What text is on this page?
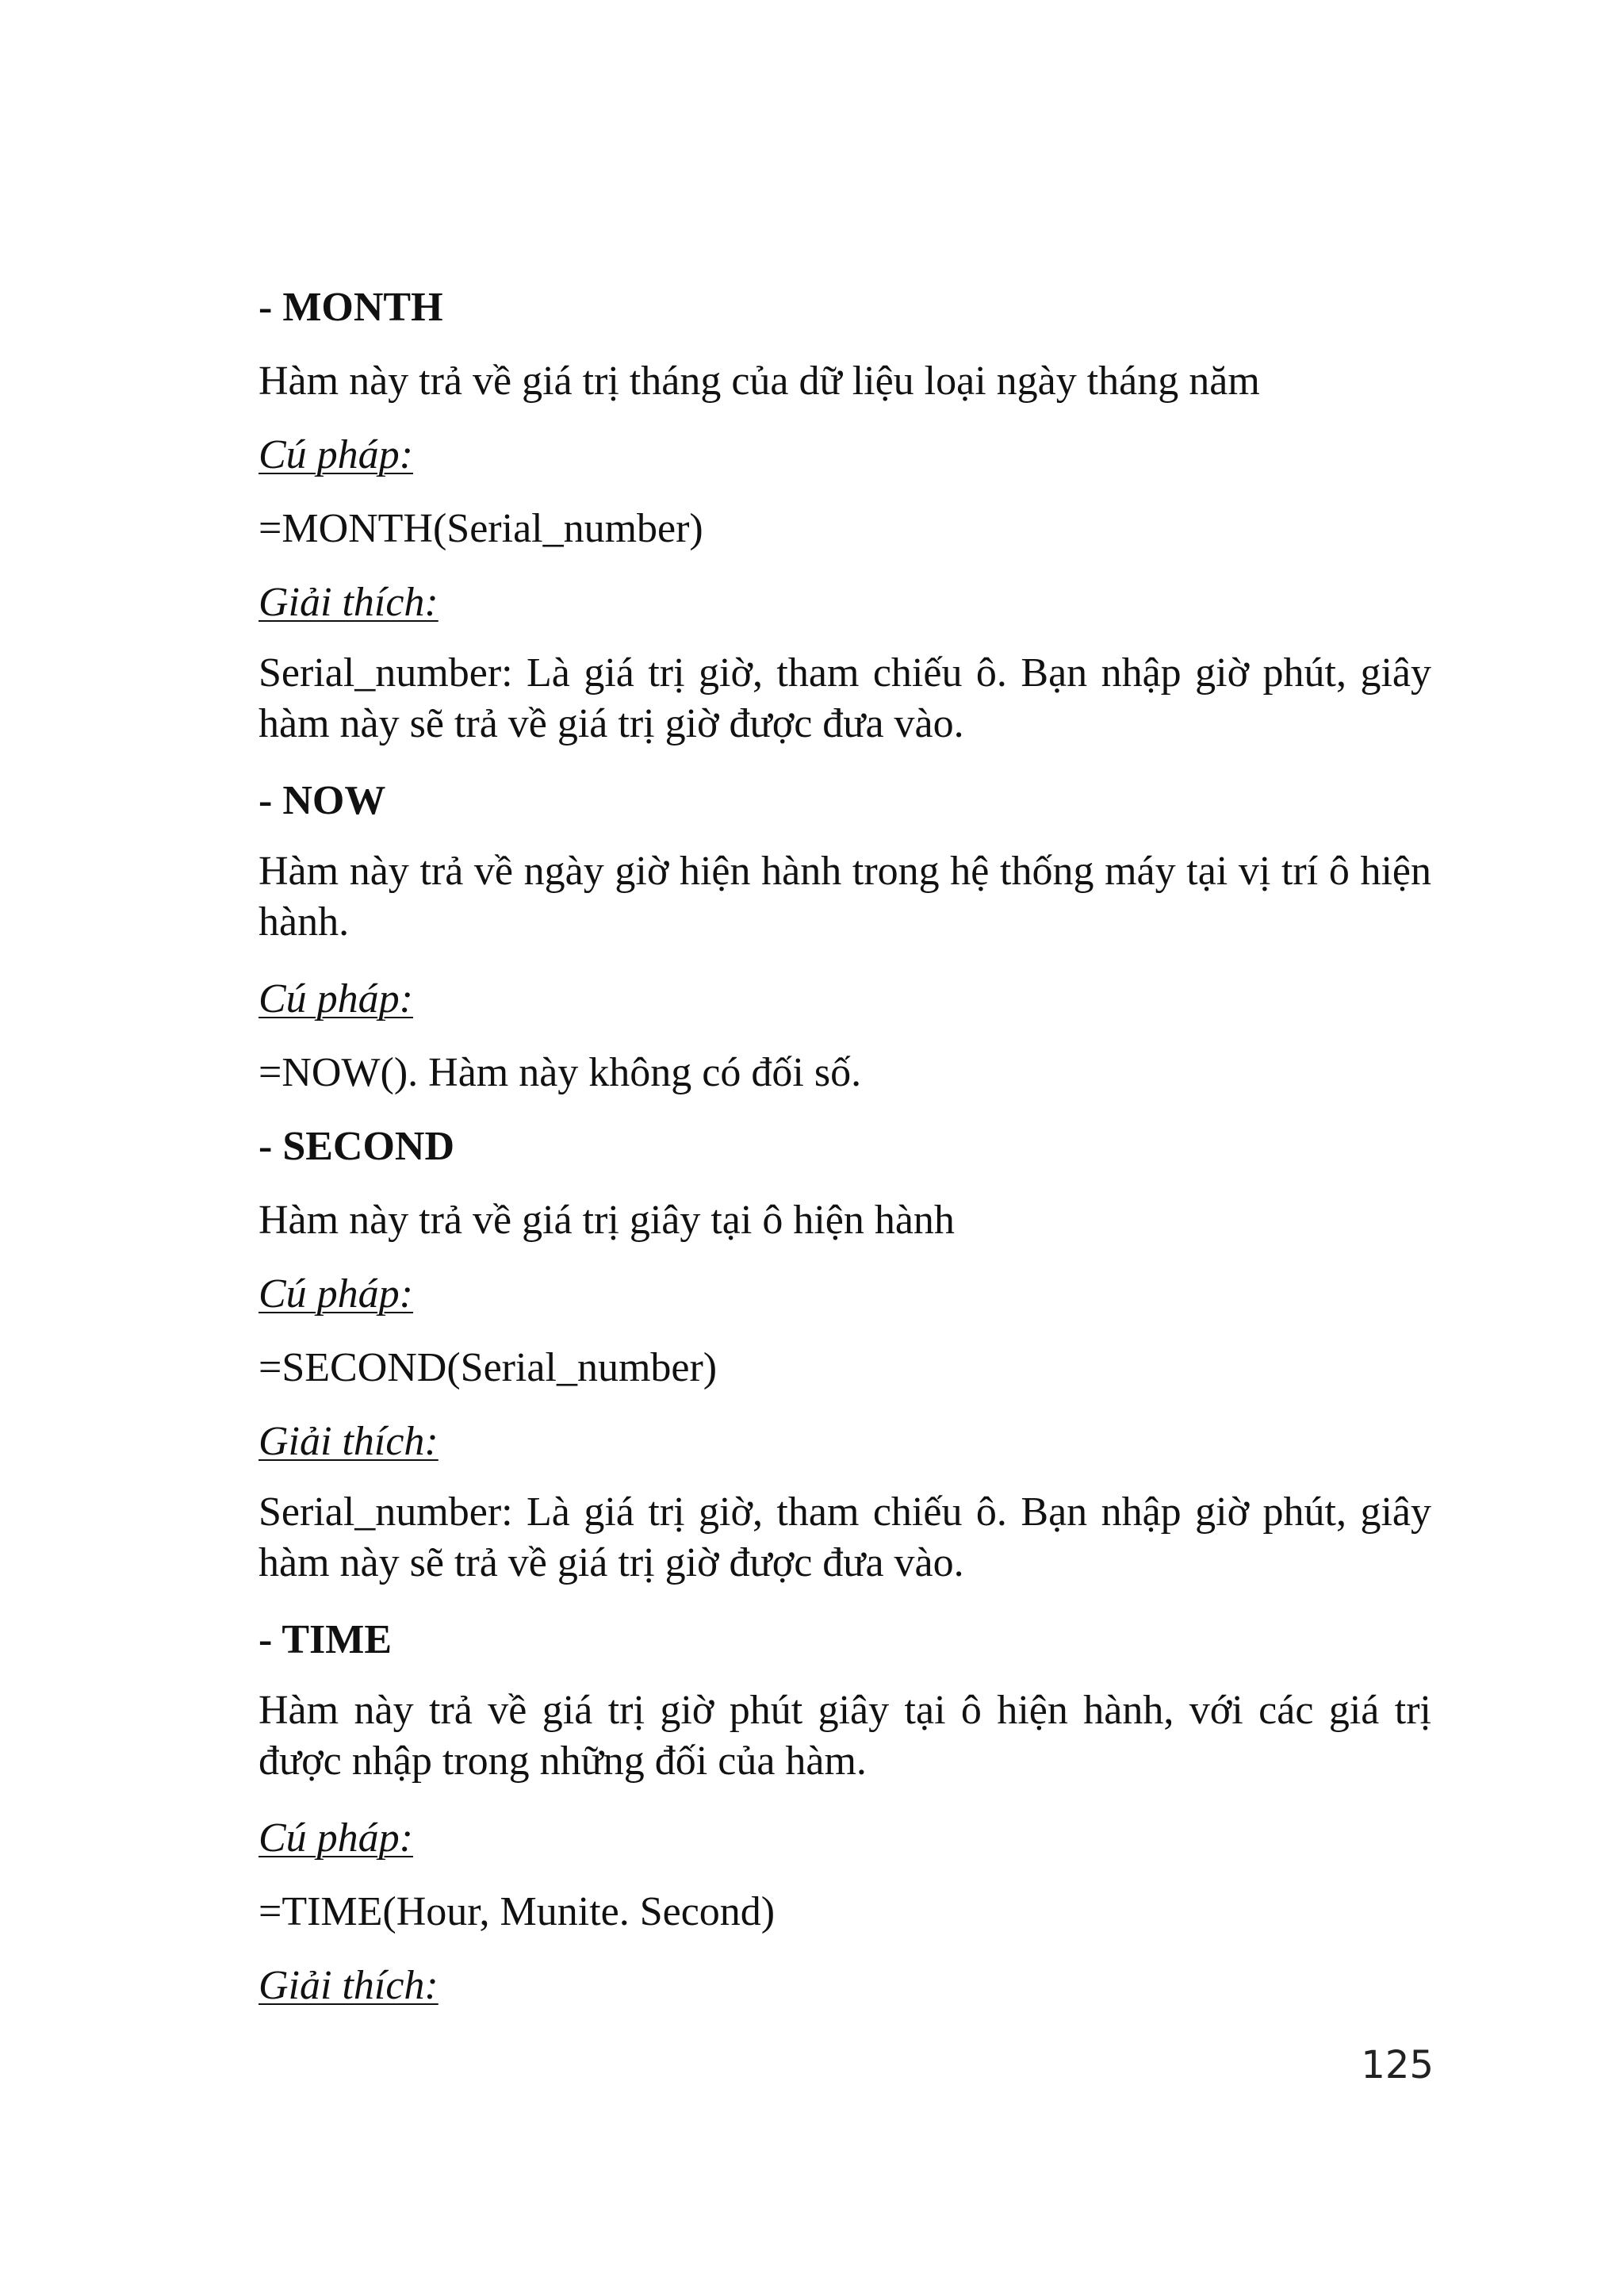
- MONTH
Hàm này trả về giá trị tháng của dữ liệu loại ngày tháng năm
Cú pháp:
=MONTH(Serial_number)
Giải thích:
Serial_number: Là giá trị giờ, tham chiếu ô. Bạn nhập giờ phút, giây hàm này sẽ trả về giá trị giờ được đưa vào.
- NOW
Hàm này trả về ngày giờ hiện hành trong hệ thống máy tại vị trí ô hiện hành.
Cú pháp:
=NOW(). Hàm này không có đối số.
- SECOND
Hàm này trả về giá trị giây tại ô hiện hành
Cú pháp:
=SECOND(Serial_number)
Giải thích:
Serial_number: Là giá trị giờ, tham chiếu ô. Bạn nhập giờ phút, giây hàm này sẽ trả về giá trị giờ được đưa vào.
- TIME
Hàm này trả về giá trị giờ phút giây tại ô hiện hành, với các giá trị được nhập trong những đối của hàm.
Cú pháp:
=TIME(Hour, Munite. Second)
Giải thích:
125
